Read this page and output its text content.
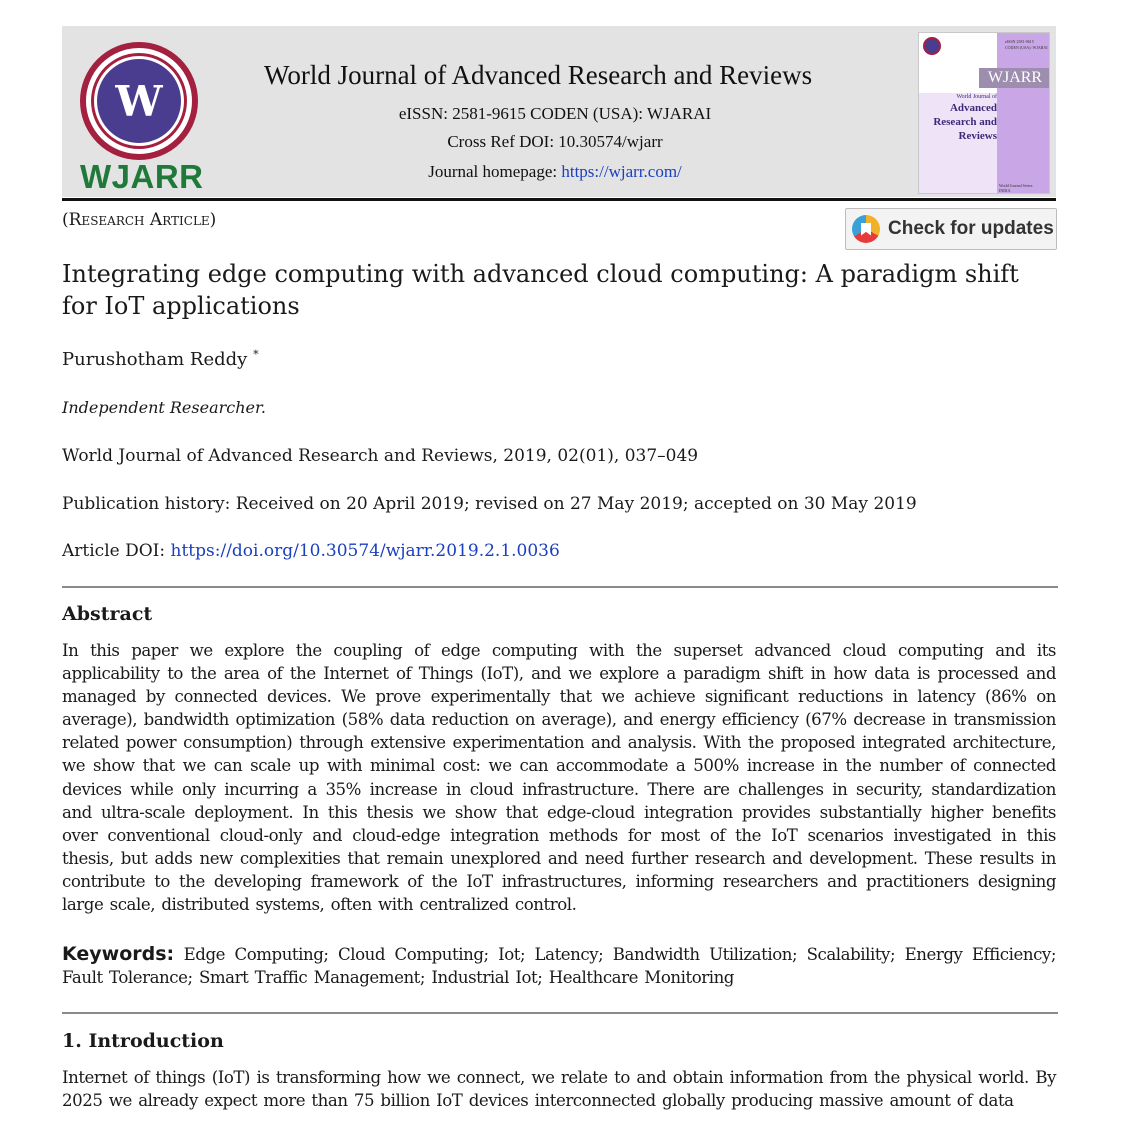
W
WJARR
World Journal of Advanced Research and Reviews
eISSN: 2581-9615 CODEN (USA): WJARAI
Cross Ref DOI: 10.30574/wjarr
Journal homepage: https://wjarr.com/
eISSN 2581-9615
CODEN (USA): WJARAI
WJARR
World Journal of
Advanced Research and Reviews
World Journal Series
INDIA
(Research Article)	Check for updates
Integrating edge computing with advanced cloud computing: A paradigm shift for IoT applications
Purushotham Reddy *
Independent Researcher.
World Journal of Advanced Research and Reviews, 2019, 02(01), 037–049
Publication history: Received on 20 April 2019; revised on 27 May 2019; accepted on 30 May 2019
Article DOI: https://doi.org/10.30574/wjarr.2019.2.1.0036
Abstract
In this paper we explore the coupling of edge computing with the superset advanced cloud computing and its applicability to the area of the Internet of Things (IoT), and we explore a paradigm shift in how data is processed and managed by connected devices. We prove experimentally that we achieve significant reductions in latency (86% on average), bandwidth optimization (58% data reduction on average), and energy efficiency (67% decrease in transmission related power consumption) through extensive experimentation and analysis. With the proposed integrated architecture, we show that we can scale up with minimal cost: we can accommodate a 500% increase in the number of connected devices while only incurring a 35% increase in cloud infrastructure. There are challenges in security, standardization and ultra-scale deployment. In this thesis we show that edge-cloud integration provides substantially higher benefits over conventional cloud-only and cloud-edge integration methods for most of the IoT scenarios investigated in this thesis, but adds new complexities that remain unexplored and need further research and development. These results in contribute to the developing framework of the IoT infrastructures, informing researchers and practitioners designing large scale, distributed systems, often with centralized control.
Keywords: Edge Computing; Cloud Computing; Iot; Latency; Bandwidth Utilization; Scalability; Energy Efficiency; Fault Tolerance; Smart Traffic Management; Industrial Iot; Healthcare Monitoring
1. Introduction
Internet of things (IoT) is transforming how we connect, we relate to and obtain information from the physical world. By 2025 we already expect more than 75 billion IoT devices interconnected globally producing massive amount of data
